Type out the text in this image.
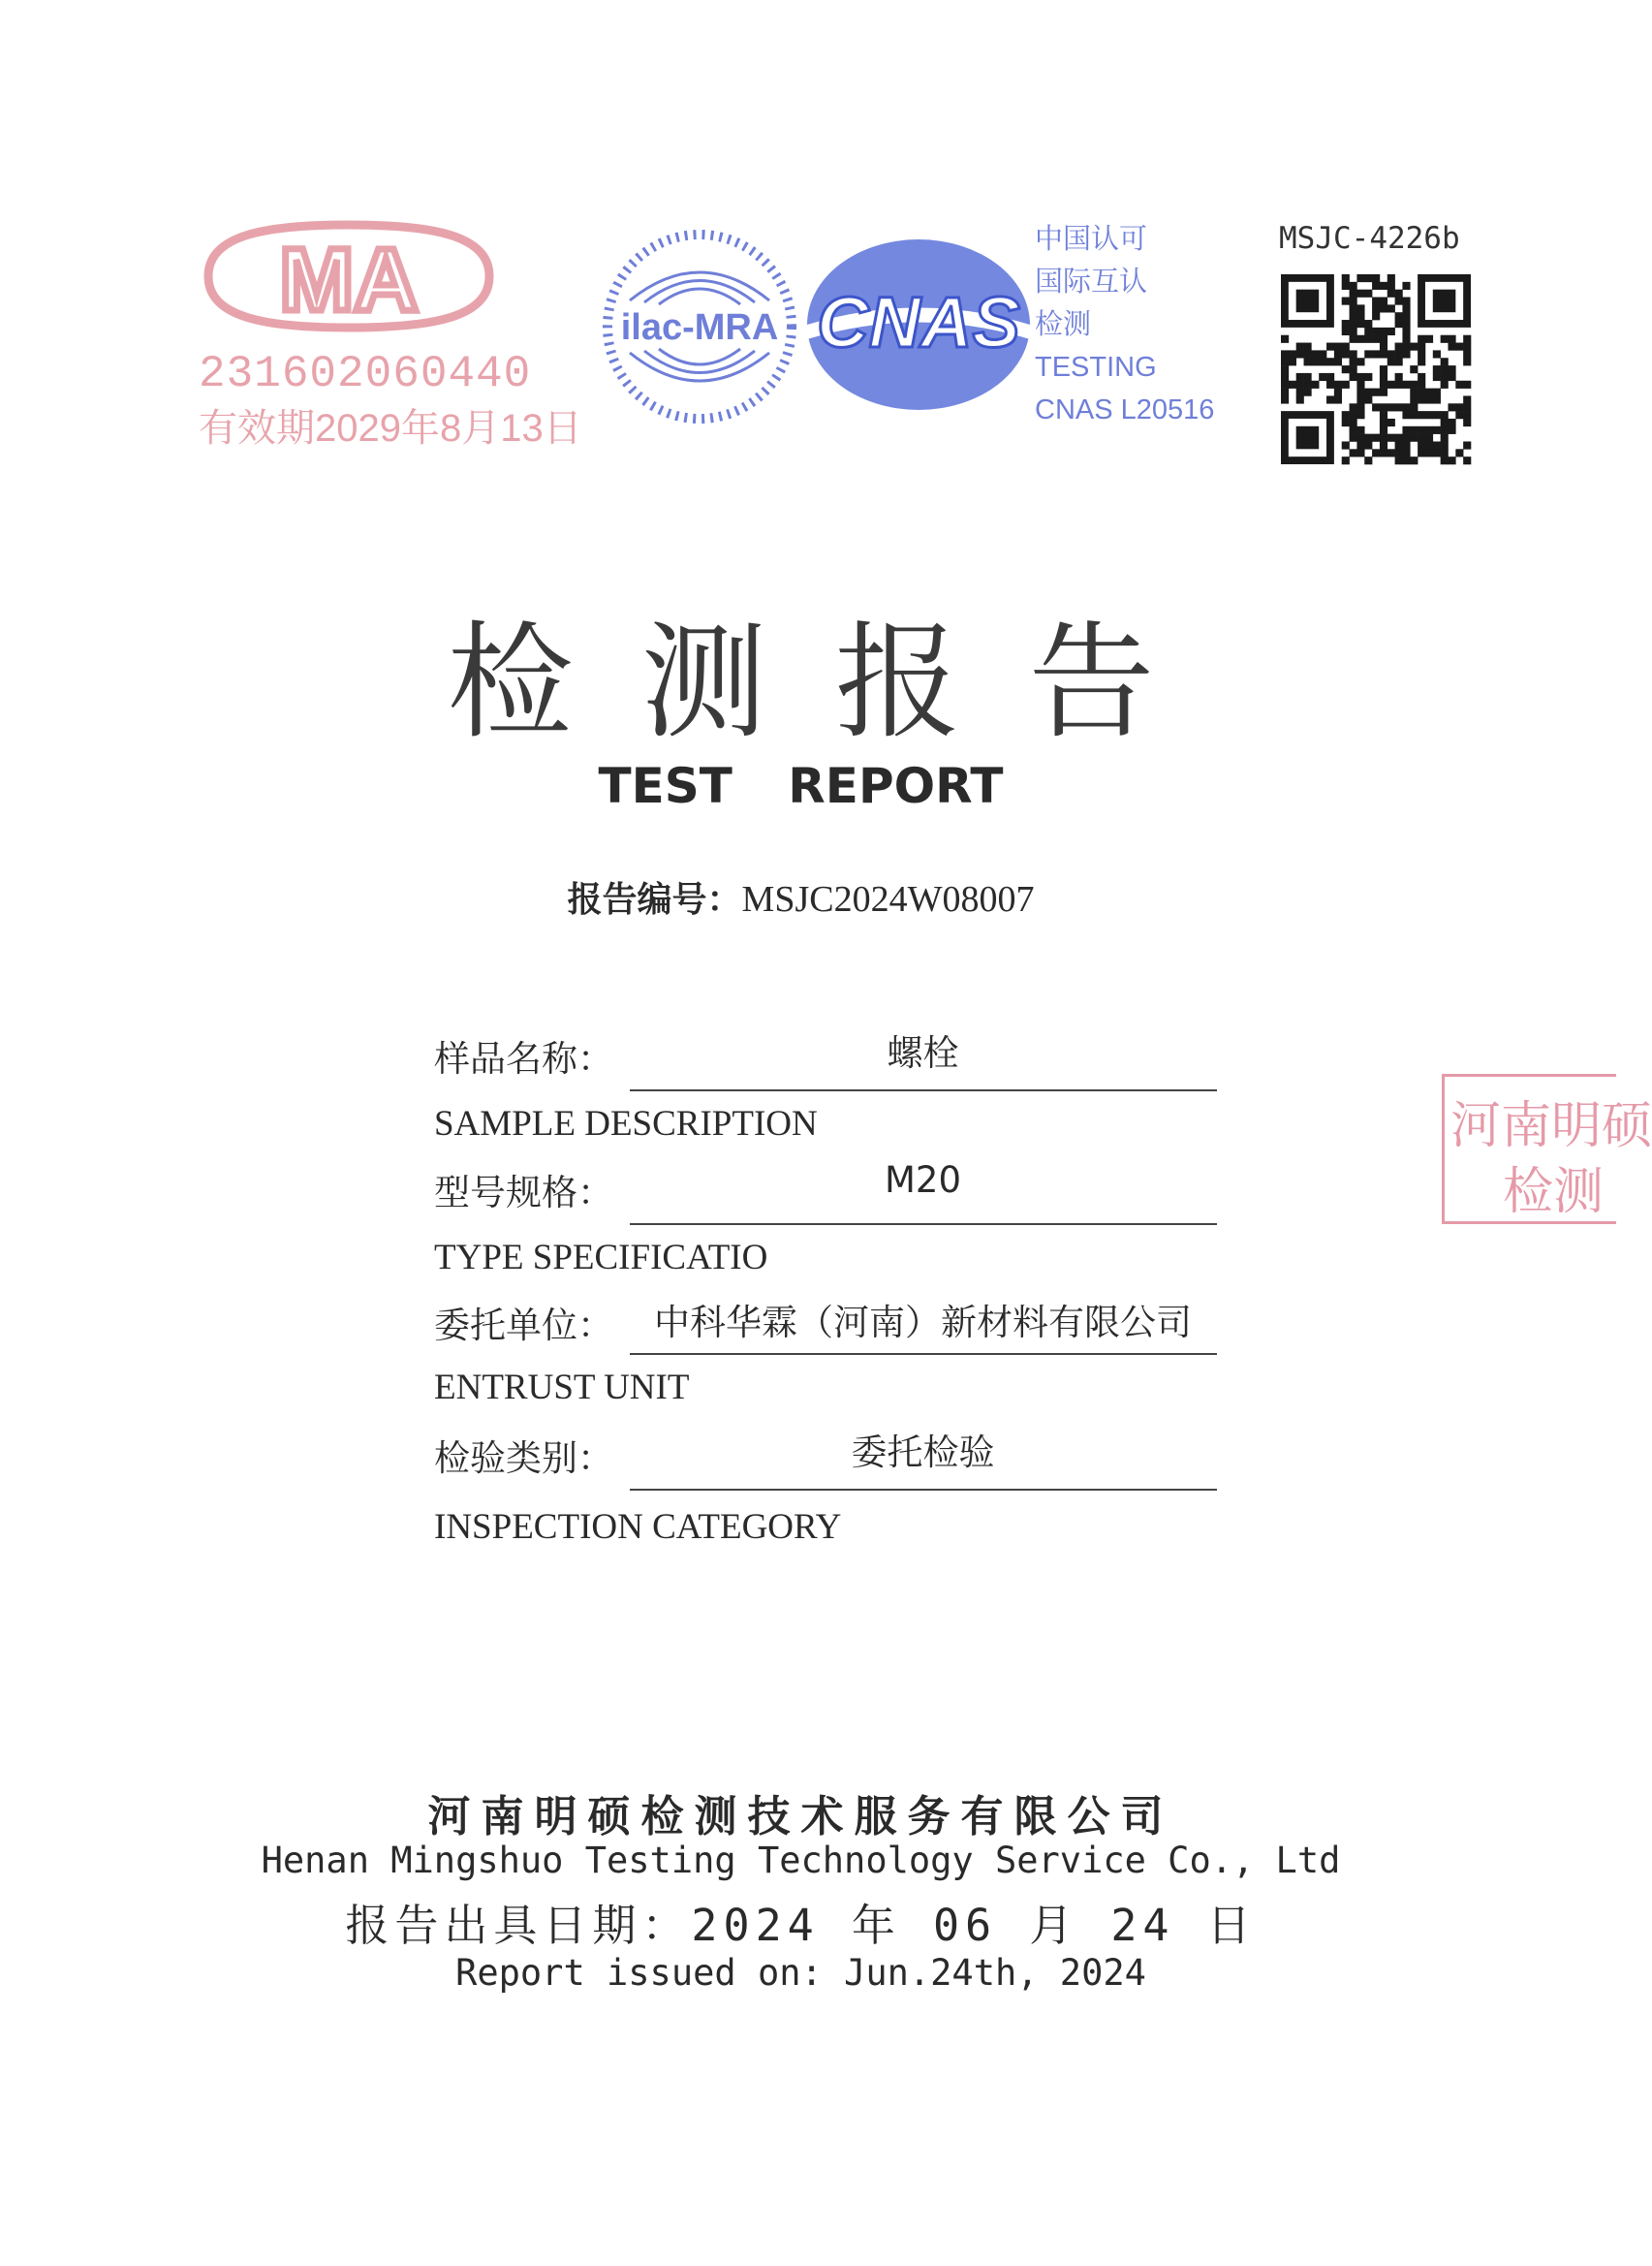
MA
231602060440
有效期2029年8月13日
ilac-MRA CNAS
中国认可
国际互认
检测
TESTING
CNAS L20516
MSJC-4226b
检测报告
TEST REPORT
报告编号：MSJC2024W08007
样品名称：	螺栓
SAMPLE DESCRIPTION
型号规格：	M20
TYPE SPECIFICATIO
委托单位：	中科华霖（河南）新材料有限公司
ENTRUST UNIT
检验类别：	委托检验
INSPECTION CATEGORY
河南明硕
检测
河南明硕检测技术服务有限公司
Henan Mingshuo Testing Technology Service Co., Ltd
报告出具日期：2024 年 06 月 24 日
Report issued on: Jun.24th, 2024
